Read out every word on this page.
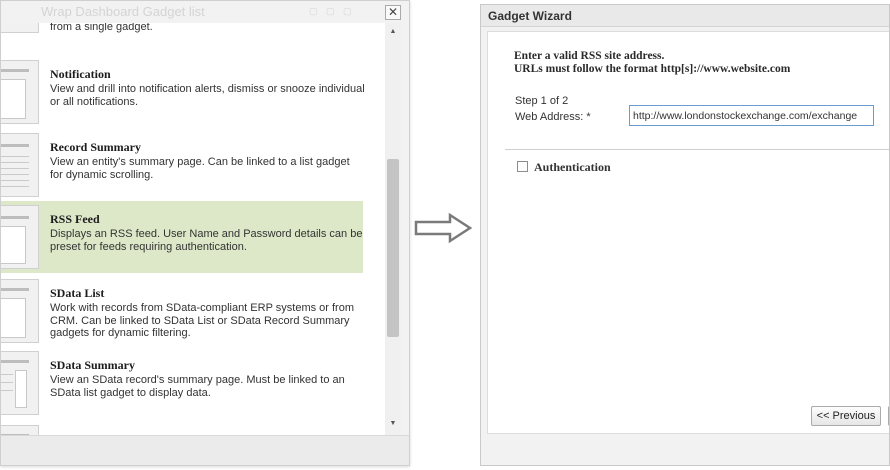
Wrap Dashboard Gadget list	▢ ▢ ▢	✕
from a single gadget.
Notification
View and drill into notification alerts, dismiss or snooze individual or all notifications.
Record Summary
View an entity's summary page. Can be linked to a list gadget for dynamic scrolling.
RSS Feed
Displays an RSS feed. User Name and Password details can be preset for feeds requiring authentication.
SData List
Work with records from SData-compliant ERP systems or from CRM. Can be linked to SData List or SData Record Summary gadgets for dynamic filtering.
SData Summary
View an SData record's summary page. Must be linked to an SData list gadget to display data.
▲
▼
Gadget Wizard
Enter a valid RSS site address.
URLs must follow the format http[s]://www.website.com
Step 1 of 2
Web Address: *
http://www.londonstockexchange.com/exchange
Authentication
<< Previous
